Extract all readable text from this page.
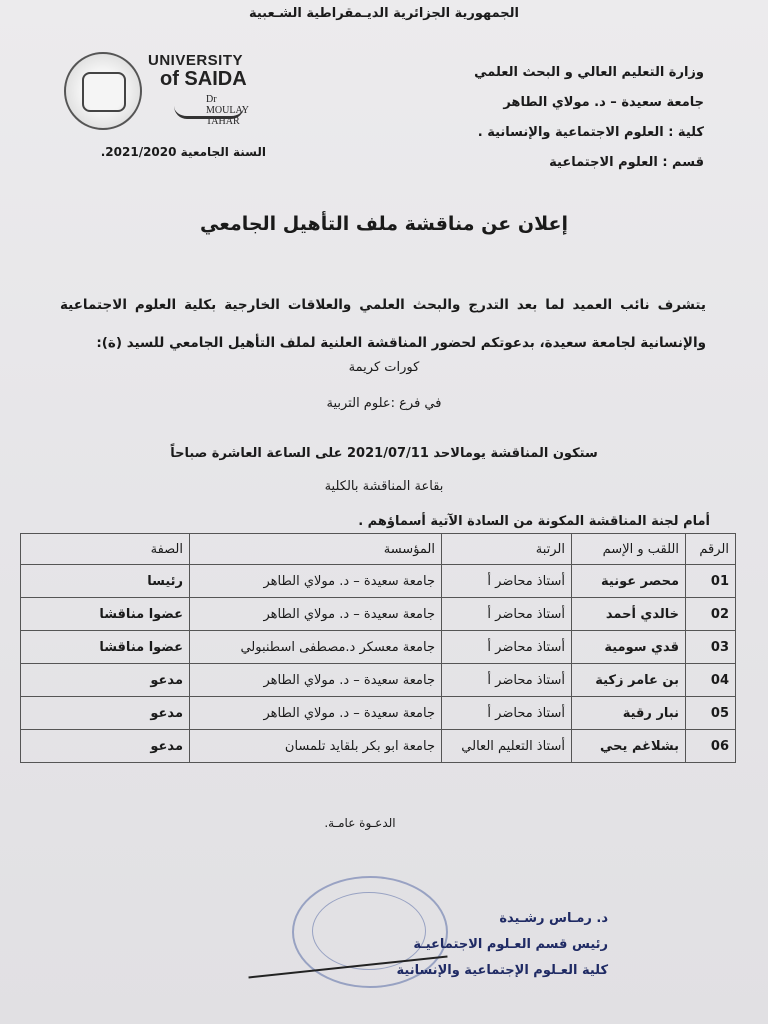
الجمهورية الجزائرية الديـمقراطية الشـعبية
UNIVERSITY
of SAIDA
Dr MOULAY TAHAR
وزارة التعليم العالي و البحث العلمي
جامعة سعيدة – د. مولاي الطاهر
كلية : العلوم الاجتماعية والإنسانية .
قسم : العلوم الاجتماعية
السنة الجامعية 2021/2020.
إعلان عن مناقشة ملف التأهيل الجامعي
يتشرف نائب العميد لما بعد التدرج والبحث العلمي والعلاقات الخارجية بكلية العلوم الاجتماعية والإنسانية لجامعة سعيدة، بدعوتكم لحضور المناقشة العلنية لملف التأهيل الجامعي للسيد (ة):
كورات كريمة
في فرع :علوم التربية
ستكون المناقشة يومالاحد 2021/07/11 على الساعة العاشرة صباحاً
بقاعة المناقشة بالكلية
أمام لجنة المناقشة المكونة من السادة الآتية أسماؤهم .
الرقم	اللقب و الإسم	الرتبة	المؤسسة	الصفة
01	محصر عونية	أستاذ محاضر أ	جامعة سعيدة – د. مولاي الطاهر	رئيسا
02	خالدي أحمد	أستاذ محاضر أ	جامعة سعيدة – د. مولاي الطاهر	عضوا مناقشا
03	قدي سومية	أستاذ محاضر أ	جامعة معسكر د.مصطفى اسطنبولي	عضوا مناقشا
04	بن عامر زكية	أستاذ محاضر أ	جامعة سعيدة – د. مولاي الطاهر	مدعو
05	نبار رقية	أستاذ محاضر أ	جامعة سعيدة – د. مولاي الطاهر	مدعو
06	بشلاغم يحي	أستاذ التعليم العالي	جامعة ابو بكر بلقايد تلمسان	مدعو
الدعـوة عامـة.
د. رمـاس رشـيدة
رئيس قسم العـلوم الاجتماعيـة
كلية العـلوم الإجتماعية والإنسانية
